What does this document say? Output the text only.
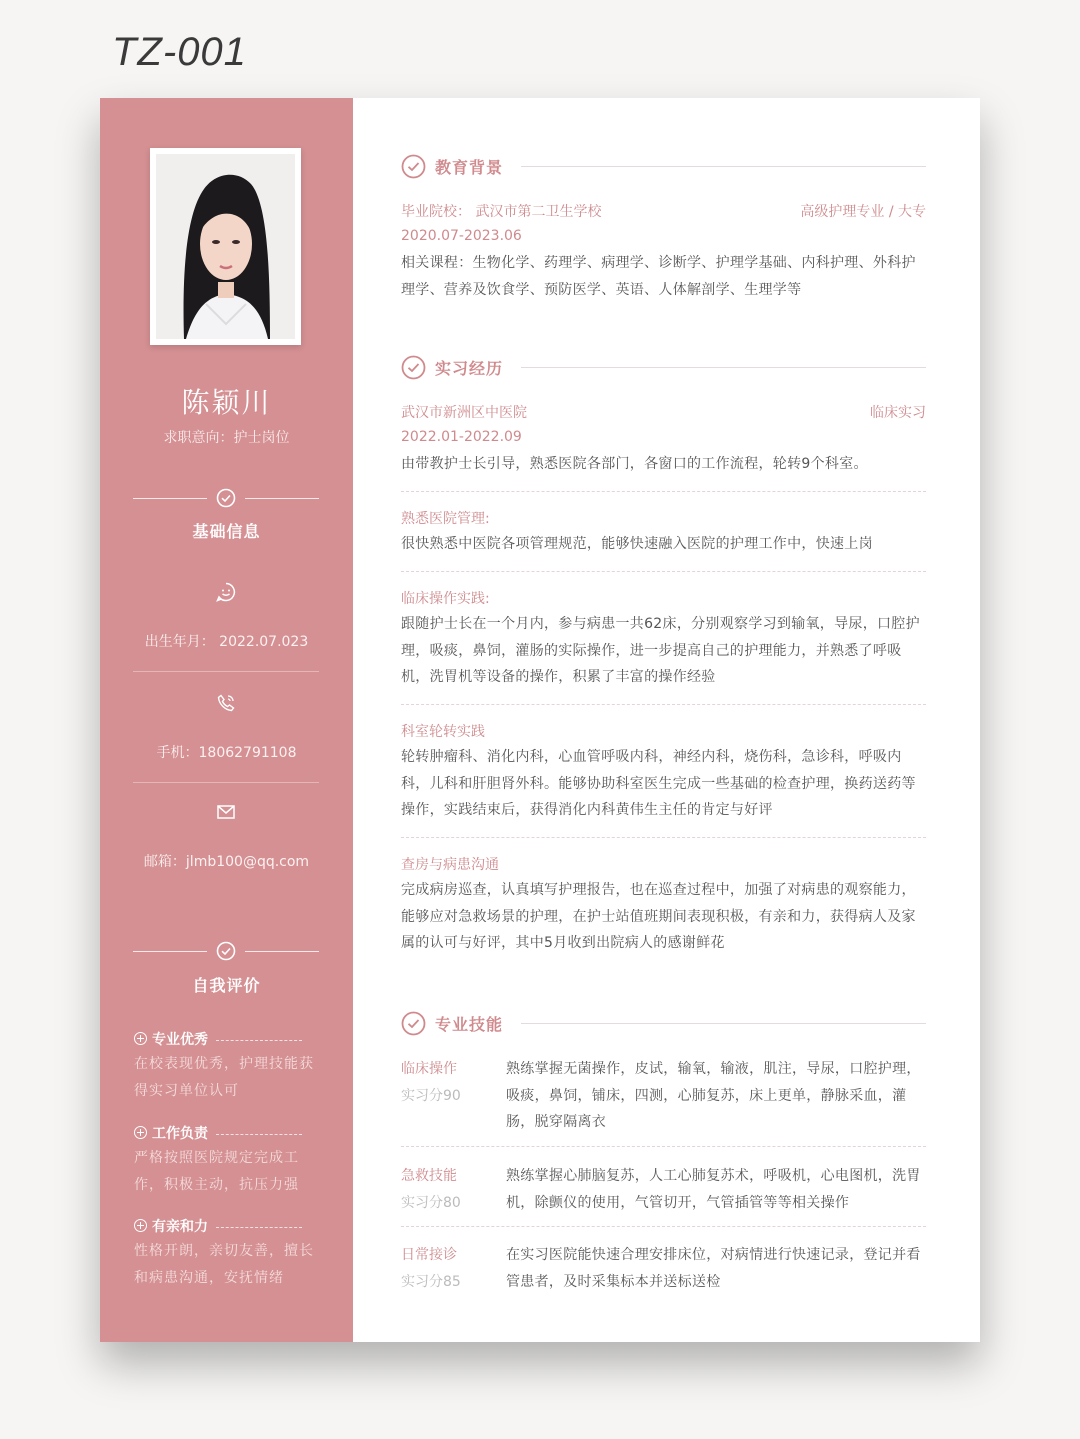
TZ-001
陈颖川
求职意向：护士岗位
基础信息
出生年月： 2022.07.023
手机：18062791108
邮箱：jlmb100@qq.com
自我评价
专业优秀
在校表现优秀，护理技能获得实习单位认可
工作负责
严格按照医院规定完成工作，积极主动，抗压力强
有亲和力
性格开朗，亲切友善，擅长和病患沟通，安抚情绪
教育背景
毕业院校： 武汉市第二卫生学校	高级护理专业 / 大专
2020.07-2023.06
相关课程：生物化学、药理学、病理学、诊断学、护理学基础、内科护理、外科护理学、营养及饮食学、预防医学、英语、人体解剖学、生理学等
实习经历
武汉市新洲区中医院	临床实习
2022.01-2022.09
由带教护士长引导，熟悉医院各部门，各窗口的工作流程，轮转9个科室。
熟悉医院管理:
很快熟悉中医院各项管理规范，能够快速融入医院的护理工作中，快速上岗
临床操作实践:
跟随护士长在一个月内，参与病患一共62床，分别观察学习到输氧，导尿，口腔护理，吸痰，鼻饲，灌肠的实际操作，进一步提高自己的护理能力，并熟悉了呼吸机，洗胃机等设备的操作，积累了丰富的操作经验
科室轮转实践
轮转肿瘤科、消化内科，心血管呼吸内科，神经内科，烧伤科，急诊科，呼吸内科，儿科和肝胆肾外科。能够协助科室医生完成一些基础的检查护理，换药送药等操作，实践结束后，获得消化内科黄伟生主任的肯定与好评
查房与病患沟通
完成病房巡查，认真填写护理报告，也在巡查过程中，加强了对病患的观察能力，能够应对急救场景的护理，在护士站值班期间表现积极，有亲和力，获得病人及家属的认可与好评，其中5月收到出院病人的感谢鲜花
专业技能
临床操作
实习分90
熟练掌握无菌操作，皮试，输氧，输液，肌注，导尿，口腔护理，吸痰，鼻饲，铺床，四测，心肺复苏，床上更单，静脉采血，灌肠，脱穿隔离衣
急救技能
实习分80
熟练掌握心肺脑复苏，人工心肺复苏术，呼吸机，心电图机，洗胃机，除颤仪的使用，气管切开，气管插管等等相关操作
日常接诊
实习分85
在实习医院能快速合理安排床位，对病情进行快速记录，登记并看管患者，及时采集标本并送标送检
